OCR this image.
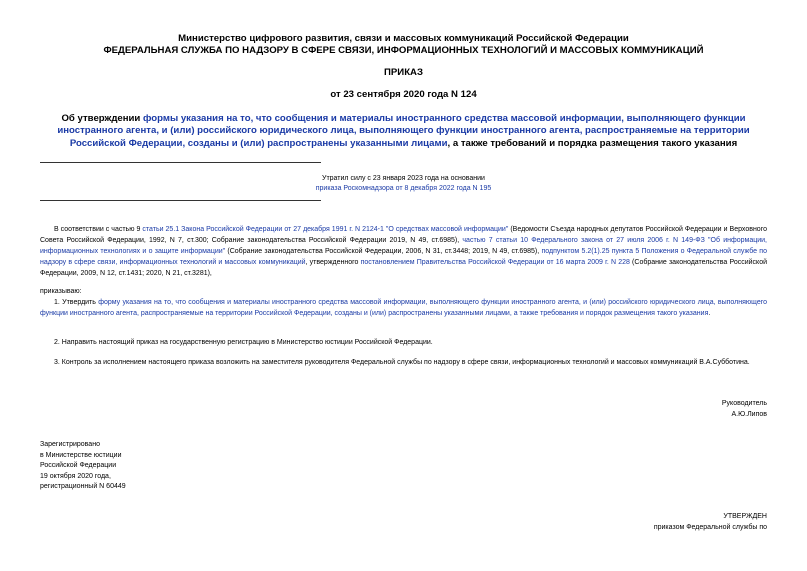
Министерство цифрового развития, связи и массовых коммуникаций Российской Федерации
ФЕДЕРАЛЬНАЯ СЛУЖБА ПО НАДЗОРУ В СФЕРЕ СВЯЗИ, ИНФОРМАЦИОННЫХ ТЕХНОЛОГИЙ И МАССОВЫХ КОММУНИКАЦИЙ
ПРИКАЗ
от 23 сентября 2020 года N 124
Об утверждении формы указания на то, что сообщения и материалы иностранного средства массовой информации, выполняющего функции иностранного агента, и (или) российского юридического лица, выполняющего функции иностранного агента, распространяемые на территории Российской Федерации, созданы и (или) распространены указанными лицами, а также требований и порядка размещения такого указания
Утратил силу с 23 января 2023 года на основании
приказа Роскомнадзора от 8 декабря 2022 года N 195
В соответствии с частью 9 статьи 25.1 Закона Российской Федерации от 27 декабря 1991 г. N 2124-1 "О средствах массовой информации" (Ведомости Съезда народных депутатов Российской Федерации и Верховного Совета Российской Федерации, 1992, N 7, ст.300; Собрание законодательства Российской Федерации 2019, N 49, ст.6985), частью 7 статьи 10 Федерального закона от 27 июля 2006 г. N 149-ФЗ "Об информации, информационных технологиях и о защите информации" (Собрание законодательства Российской Федерации, 2006, N 31, ст.3448; 2019, N 49, ст.6985), подпунктом 5.2(1).25 пункта 5 Положения о Федеральной службе по надзору в сфере связи, информационных технологий и массовых коммуникаций, утвержденного постановлением Правительства Российской Федерации от 16 марта 2009 г. N 228 (Собрание законодательства Российской Федерации, 2009, N 12, ст.1431; 2020, N 21, ст.3281),
приказываю:
1. Утвердить форму указания на то, что сообщения и материалы иностранного средства массовой информации, выполняющего функции иностранного агента, и (или) российского юридического лица, выполняющего функции иностранного агента, распространяемые на территории Российской Федерации, созданы и (или) распространены указанными лицами, а также требования и порядок размещения такого указания.
2. Направить настоящий приказ на государственную регистрацию в Министерство юстиции Российской Федерации.
3. Контроль за исполнением настоящего приказа возложить на заместителя руководителя Федеральной службы по надзору в сфере связи, информационных технологий и массовых коммуникаций В.А.Субботина.
Руководитель
А.Ю.Липов
Зарегистрировано
в Министерстве юстиции
Российской Федерации
19 октября 2020 года,
регистрационный N 60449
УТВЕРЖДЕН
приказом Федеральной службы по
